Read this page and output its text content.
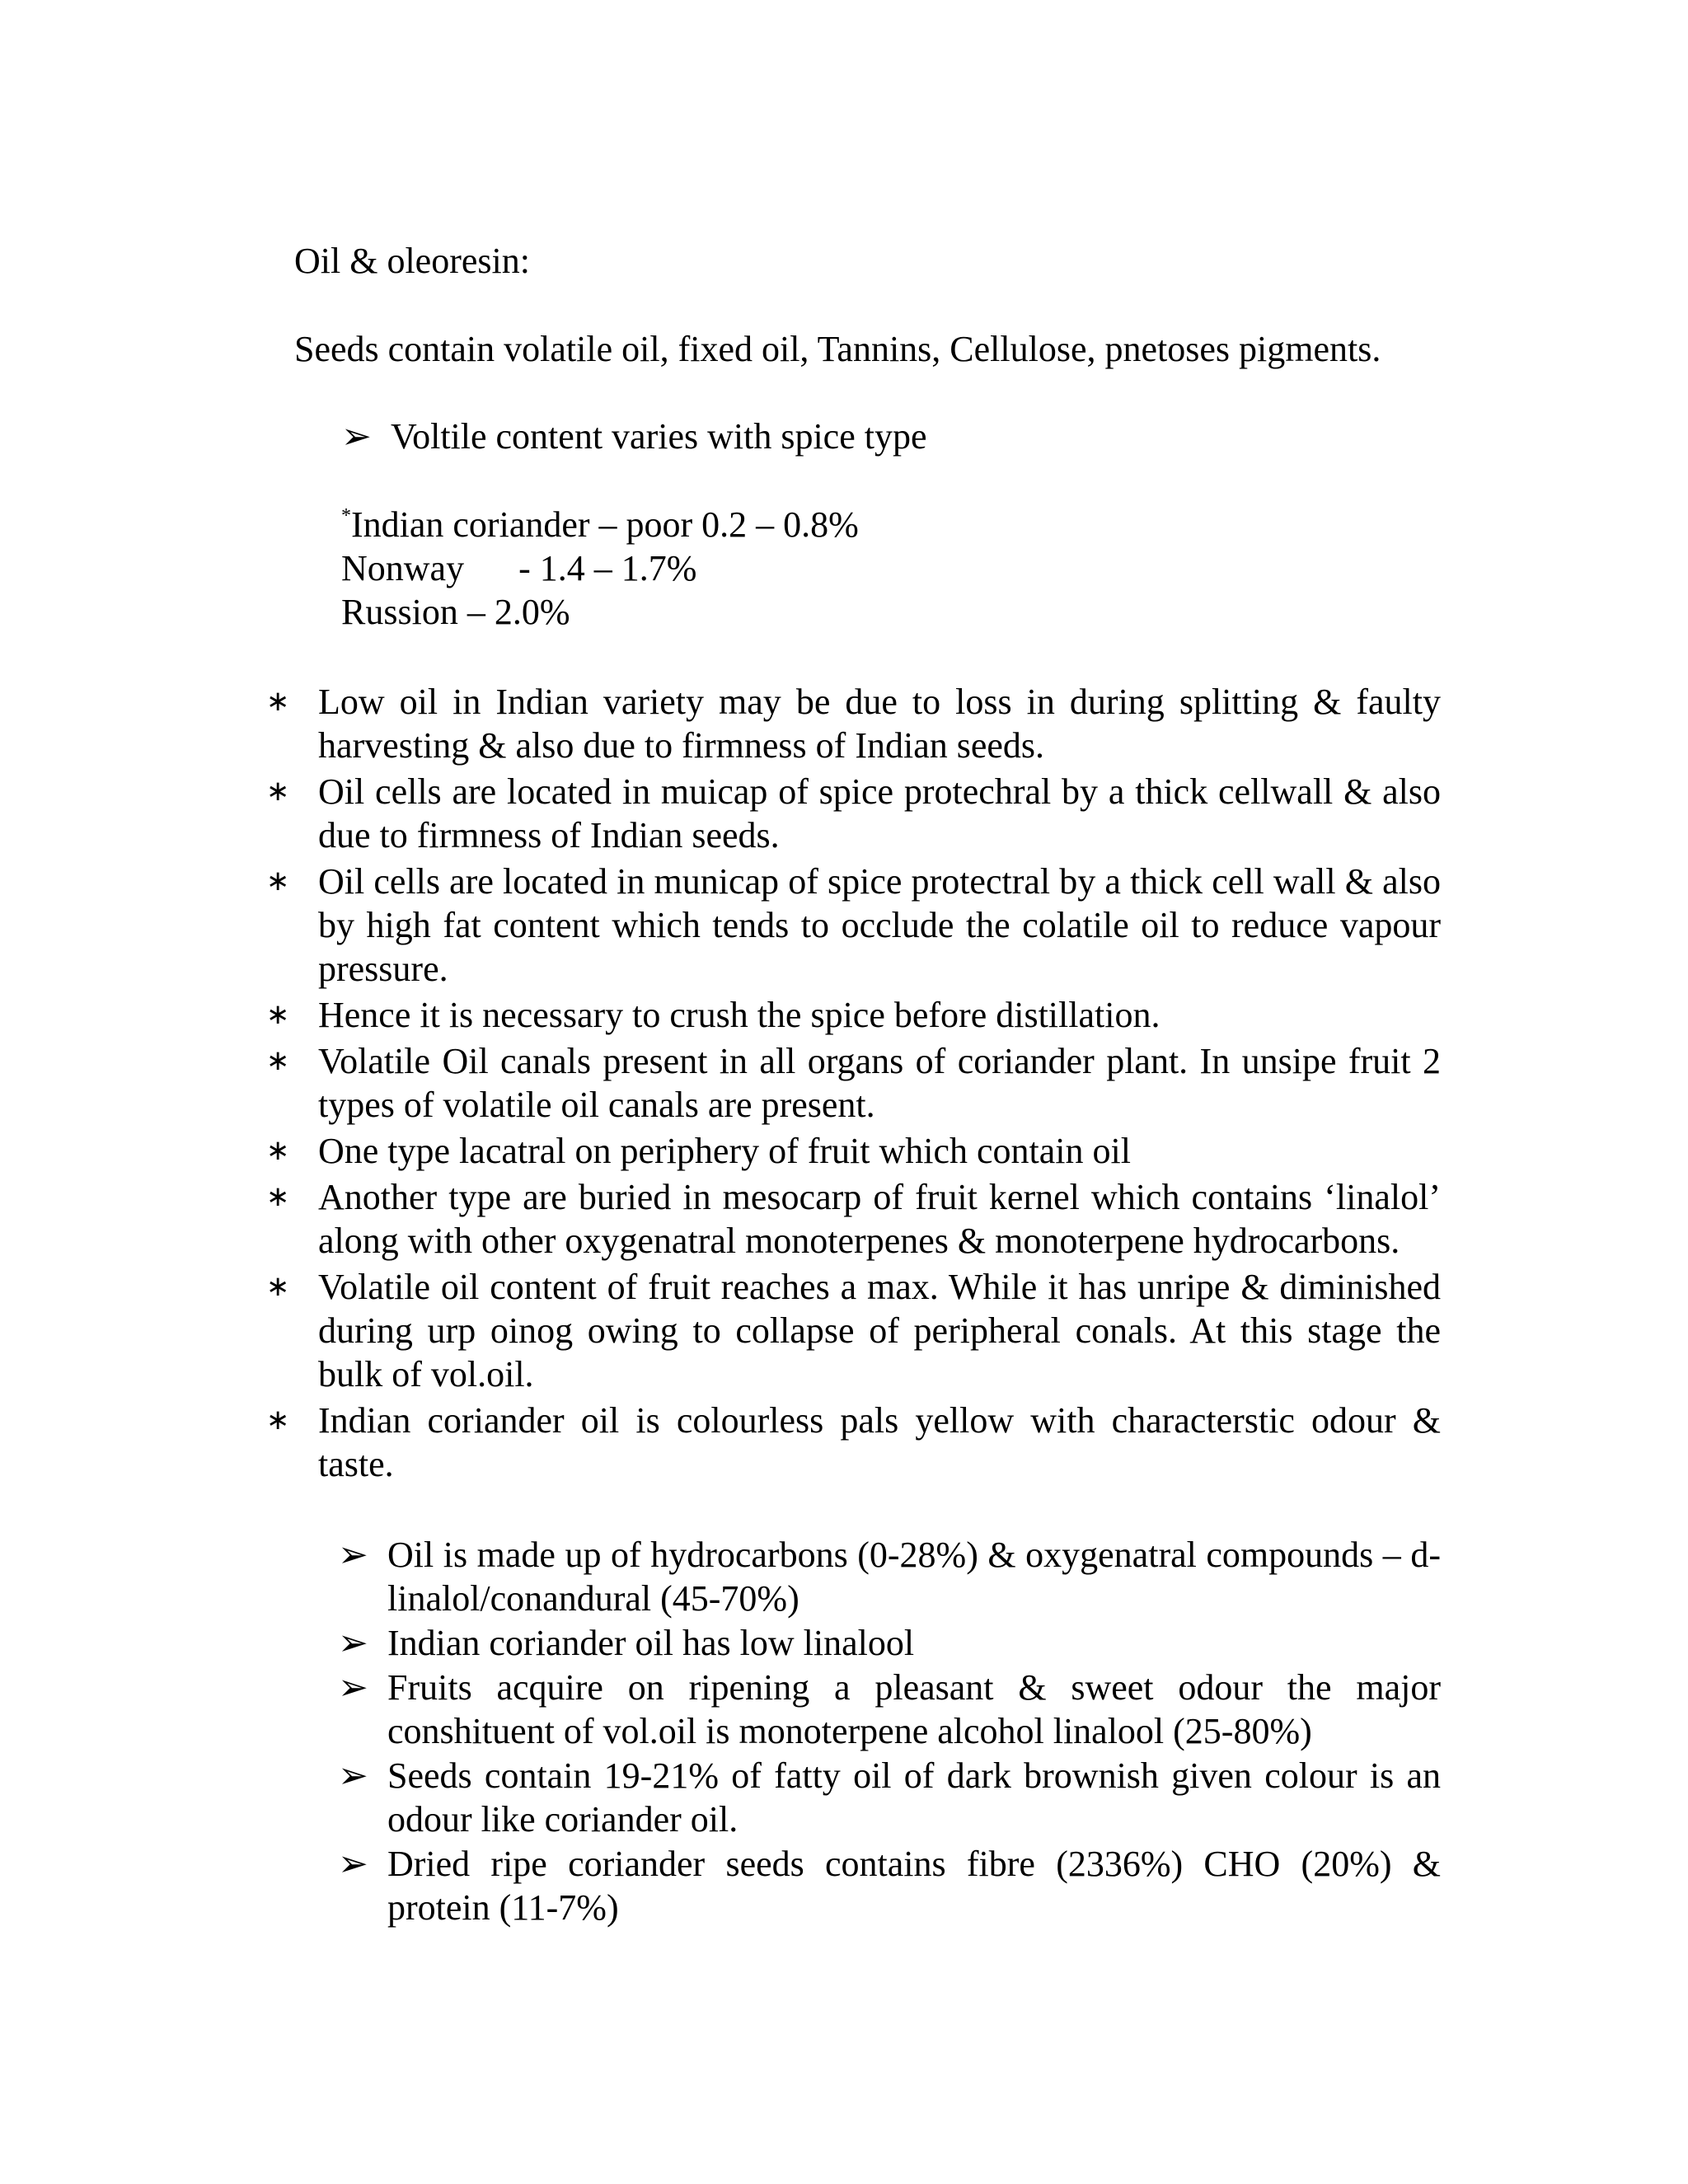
Oil & oleoresin:

Seeds contain volatile oil, fixed oil, Tannins, Cellulose, pnetoses pigments.

➢ Voltile content varies with spice type

*Indian coriander – poor 0.2 – 0.8%
Nonway      - 1.4 – 1.7%
Russion – 2.0%
∗ Low oil in Indian variety may be due to loss in during splitting & faulty harvesting & also due to firmness of Indian seeds.
∗ Oil cells are located in muicap of spice protechral by a thick cellwall & also due to firmness of Indian seeds.
∗ Oil cells are located in municap of spice protectral by a thick cell wall & also by high fat content which tends to occlude the colatile oil to reduce vapour pressure.
∗ Hence it is necessary to crush the spice before distillation.
∗ Volatile Oil canals present in all organs of coriander plant. In unsipe fruit 2 types of volatile oil canals are present.
∗ One type lacatral on periphery of fruit which contain oil
∗ Another type are buried in mesocarp of fruit kernel which contains ‘linalol’ along with other oxygenatral monoterpenes & monoterpene hydrocarbons.
∗ Volatile oil content of fruit reaches a max. While it has unripe & diminished during urp oinog owing to collapse of peripheral conals. At this stage the bulk of vol.oil.
∗ Indian coriander oil is colourless pals yellow with characterstic odour & taste.
➢ Oil is made up of hydrocarbons (0-28%) & oxygenatral compounds – d-linalol/conandural (45-70%)
➢ Indian coriander oil has low linalool
➢ Fruits acquire on ripening a pleasant & sweet odour the major conshituent of vol.oil is monoterpene alcohol linalool (25-80%)
➢ Seeds contain 19-21% of fatty oil of dark brownish given colour is an odour like coriander oil.
➢ Dried ripe coriander seeds contains fibre (2336%) CHO (20%) & protein (11-7%)
